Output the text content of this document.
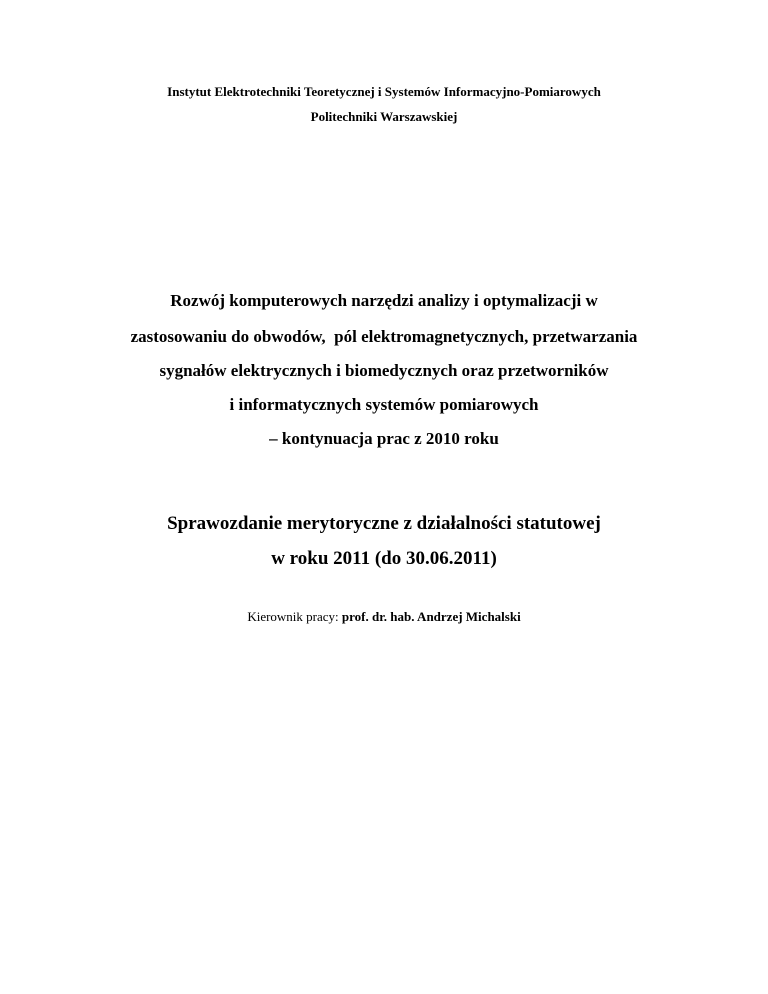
Instytut Elektrotechniki Teoretycznej i Systemów Informacyjno-Pomiarowych
Politechniki Warszawskiej
Rozwój komputerowych narzędzi analizy i optymalizacji w
zastosowaniu do obwodów,  pól elektromagnetycznych, przetwarzania
sygnałów elektrycznych i biomedycznych oraz przetworników
i informatycznych systemów pomiarowych
– kontynuacja prac z 2010 roku
Sprawozdanie merytoryczne z działalności statutowej
w roku 2011 (do 30.06.2011)
Kierownik pracy: prof. dr. hab. Andrzej Michalski
